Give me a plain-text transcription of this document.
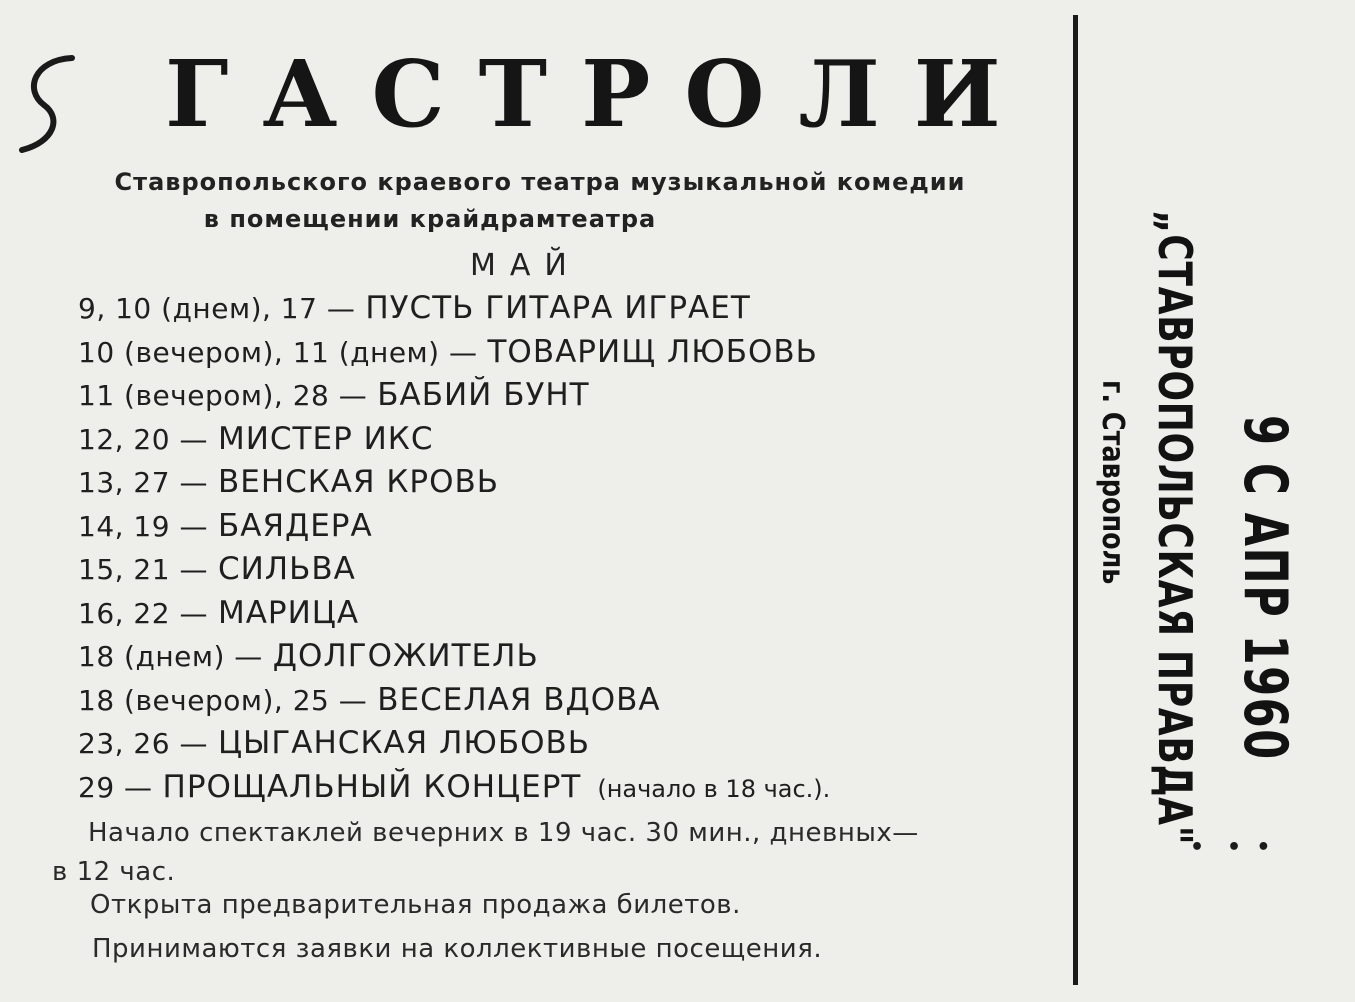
ГАСТРОЛИ
Ставропольского краевого театра музыкальной комедии
в помещении крайдрамтеатра
МАЙ
9, 10 (днем), 17 — ПУСТЬ ГИТАРА ИГРАЕТ
10 (вечером), 11 (днем) — ТОВАРИЩ ЛЮБОВЬ
11 (вечером), 28 — БАБИЙ БУНТ
12, 20 — МИСТЕР ИКС
13, 27 — ВЕНСКАЯ КРОВЬ
14, 19 — БАЯДЕРА
15, 21 — СИЛЬВА
16, 22 — МАРИЦА
18 (днем) — ДОЛГОЖИТЕЛЬ
18 (вечером), 25 — ВЕСЕЛАЯ ВДОВА
23, 26 — ЦЫГАНСКАЯ ЛЮБОВЬ
29 — ПРОЩАЛЬНЫЙ КОНЦЕРТ (начало в 18 час.).
Начало спектаклей вечерних в 19 час. 30 мин., дневных—
в 12 час.
Открыта предварительная продажа билетов.
Принимаются заявки на коллективные посещения.
„СТАВРОПОЛЬСКАЯ ПРАВДА"
г. Ставрополь 9 С АПР 1960
•   •  •
